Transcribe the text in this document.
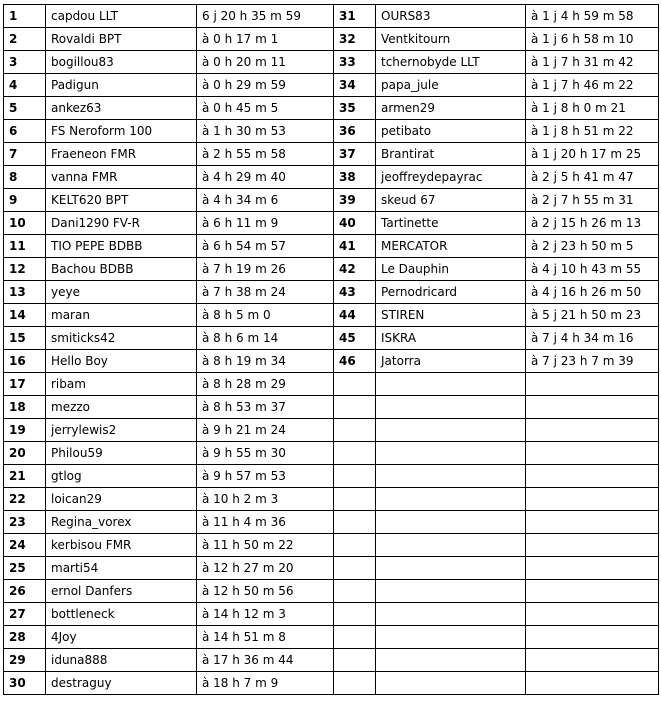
1	capdou LLT	6 j 20 h 35 m 59	31	OURS83	à 1 j 4 h 59 m 58
2	Rovaldi BPT	à 0 h 17 m 1	32	Ventkitourn	à 1 j 6 h 58 m 10
3	bogillou83	à 0 h 20 m 11	33	tchernobyde LLT	à 1 j 7 h 31 m 42
4	Padigun	à 0 h 29 m 59	34	papa_jule	à 1 j 7 h 46 m 22
5	ankez63	à 0 h 45 m 5	35	armen29	à 1 j 8 h 0 m 21
6	FS Neroform 100	à 1 h 30 m 53	36	petibato	à 1 j 8 h 51 m 22
7	Fraeneon FMR	à 2 h 55 m 58	37	Brantirat	à 1 j 20 h 17 m 25
8	vanna FMR	à 4 h 29 m 40	38	jeoffreydepayrac	à 2 j 5 h 41 m 47
9	KELT620 BPT	à 4 h 34 m 6	39	skeud 67	à 2 j 7 h 55 m 31
10	Dani1290 FV-R	à 6 h 11 m 9	40	Tartinette	à 2 j 15 h 26 m 13
11	TIO PEPE BDBB	à 6 h 54 m 57	41	MERCATOR	à 2 j 23 h 50 m 5
12	Bachou BDBB	à 7 h 19 m 26	42	Le Dauphin	à 4 j 10 h 43 m 55
13	yeye	à 7 h 38 m 24	43	Pernodricard	à 4 j 16 h 26 m 50
14	maran	à 8 h 5 m 0	44	STIREN	à 5 j 21 h 50 m 23
15	smiticks42	à 8 h 6 m 14	45	ISKRA	à 7 j 4 h 34 m 16
16	Hello Boy	à 8 h 19 m 34	46	Jatorra	à 7 j 23 h 7 m 39
17	ribam	à 8 h 28 m 29			
18	mezzo	à 8 h 53 m 37			
19	jerrylewis2	à 9 h 21 m 24			
20	Philou59	à 9 h 55 m 30			
21	gtlog	à 9 h 57 m 53			
22	loican29	à 10 h 2 m 3			
23	Regina_vorex	à 11 h 4 m 36			
24	kerbisou FMR	à 11 h 50 m 22			
25	marti54	à 12 h 27 m 20			
26	ernol Danfers	à 12 h 50 m 56			
27	bottleneck	à 14 h 12 m 3			
28	4Joy	à 14 h 51 m 8			
29	iduna888	à 17 h 36 m 44			
30	destraguy	à 18 h 7 m 9			
